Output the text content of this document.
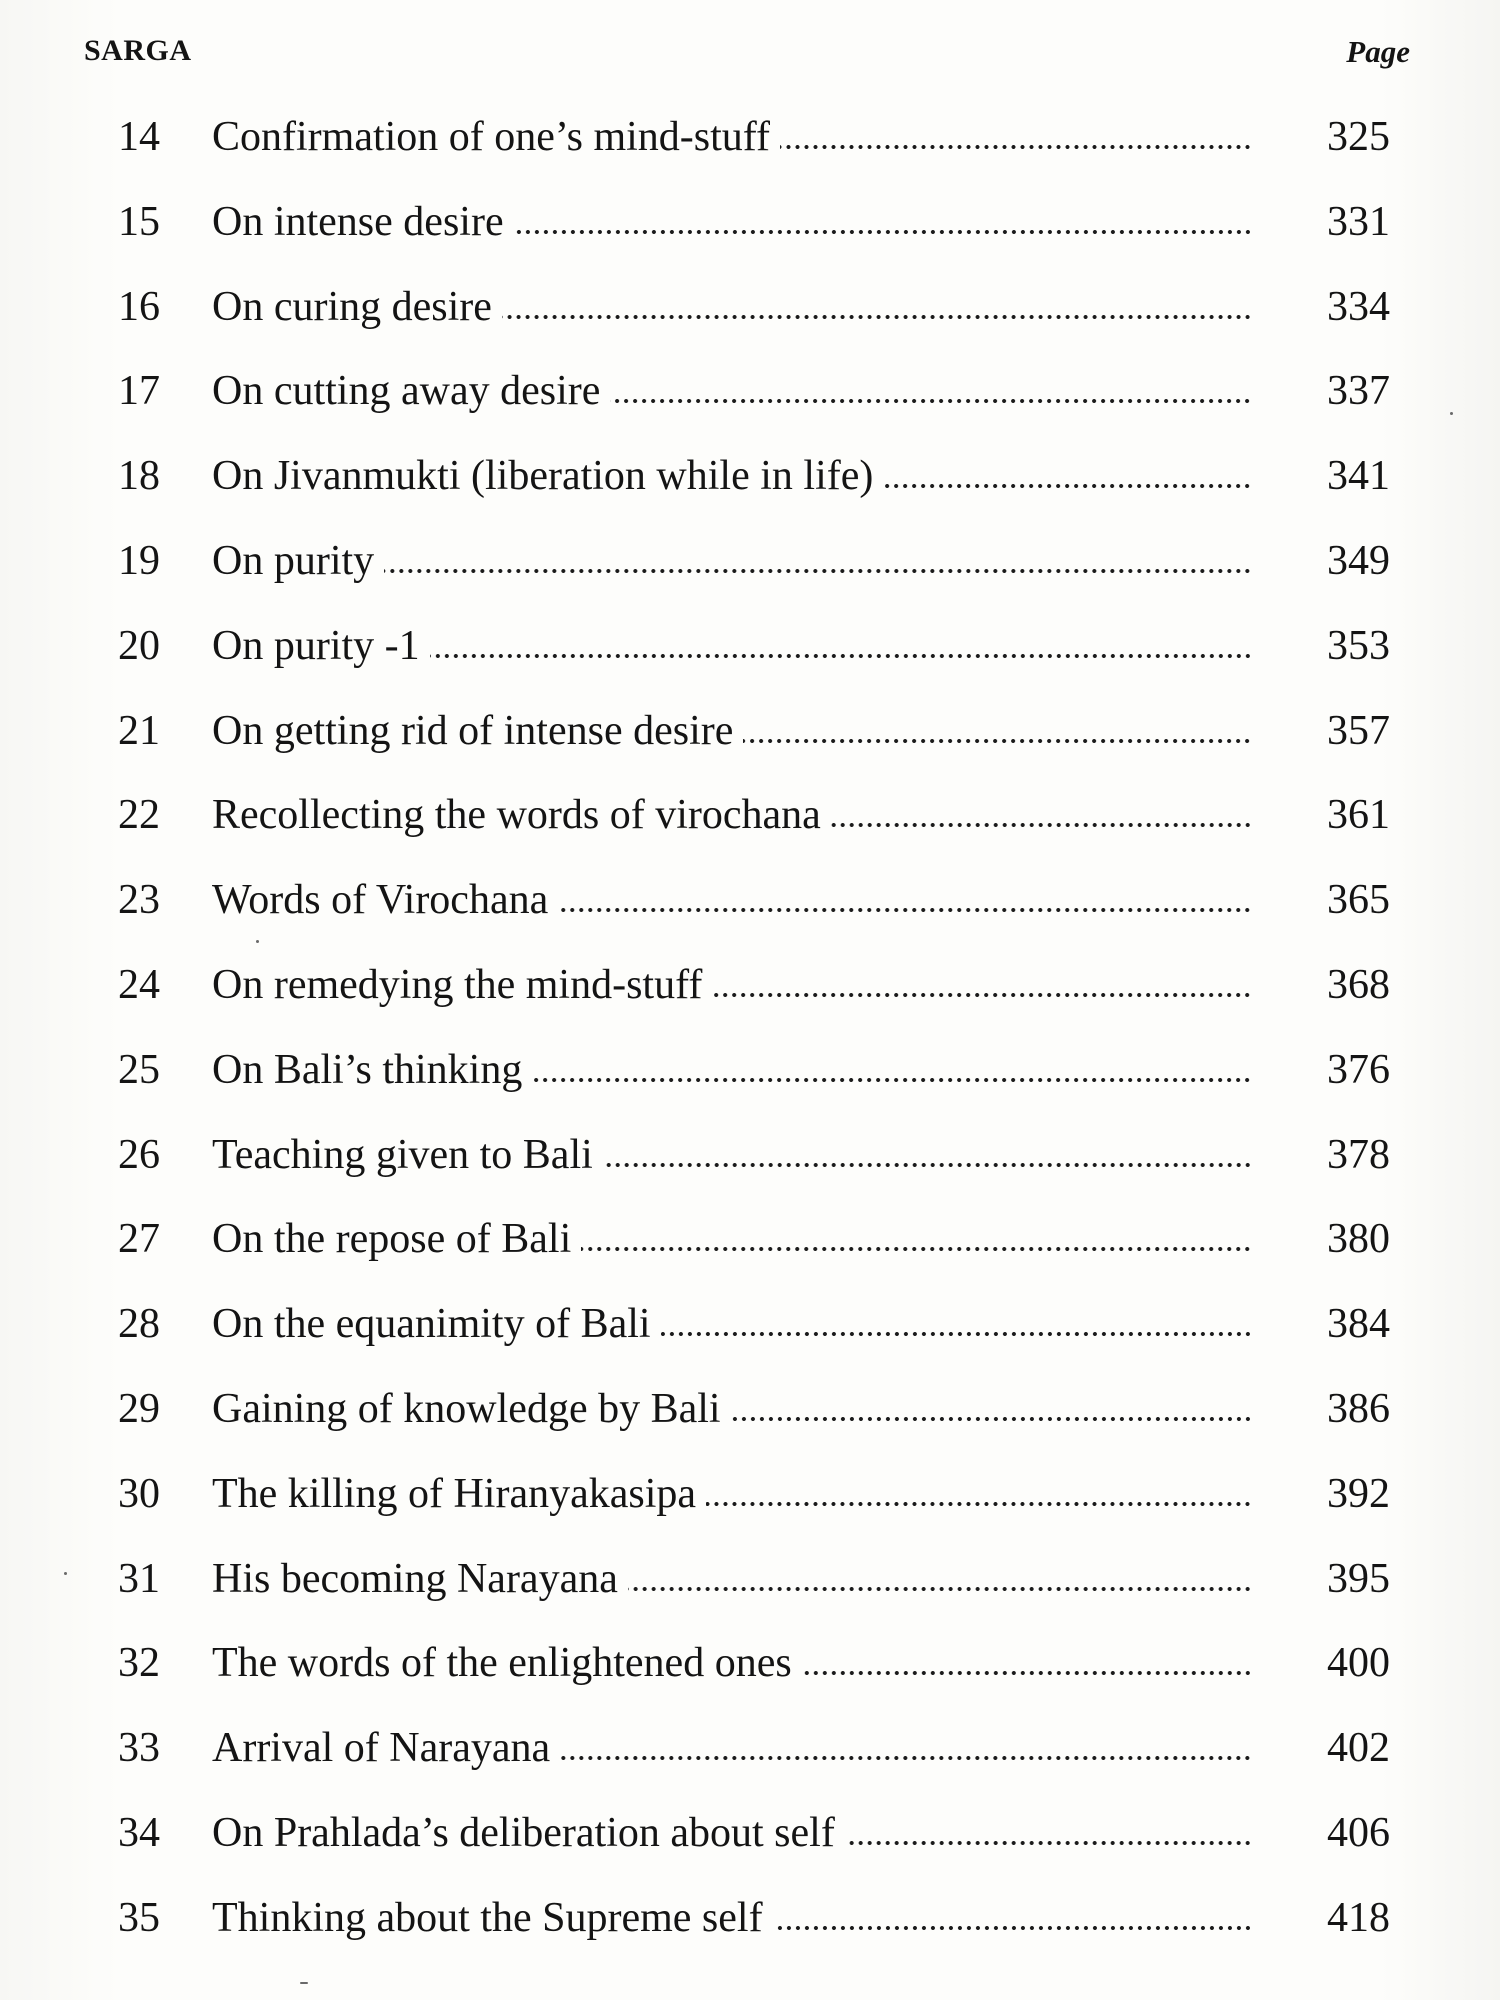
SARGA	Page
14	Confirmation of one’s mind-stuff	325
15	On intense desire	331
16	On curing desire	334
17	On cutting away desire	337
18	On Jivanmukti (liberation while in life)	341
19	On purity	349
20	On purity -1	353
21	On getting rid of intense desire	357
22	Recollecting the words of virochana	361
23	Words of Virochana	365
24	On remedying the mind-stuff	368
25	On Bali’s thinking	376
26	Teaching given to Bali	378
27	On the repose of Bali	380
28	On the equanimity of Bali	384
29	Gaining of knowledge by Bali	386
30	The killing of Hiranyakasipa	392
31	His becoming Narayana	395
32	The words of the enlightened ones	400
33	Arrival of Narayana	402
34	On Prahlada’s deliberation about self	406
35	Thinking about the Supreme self	418
